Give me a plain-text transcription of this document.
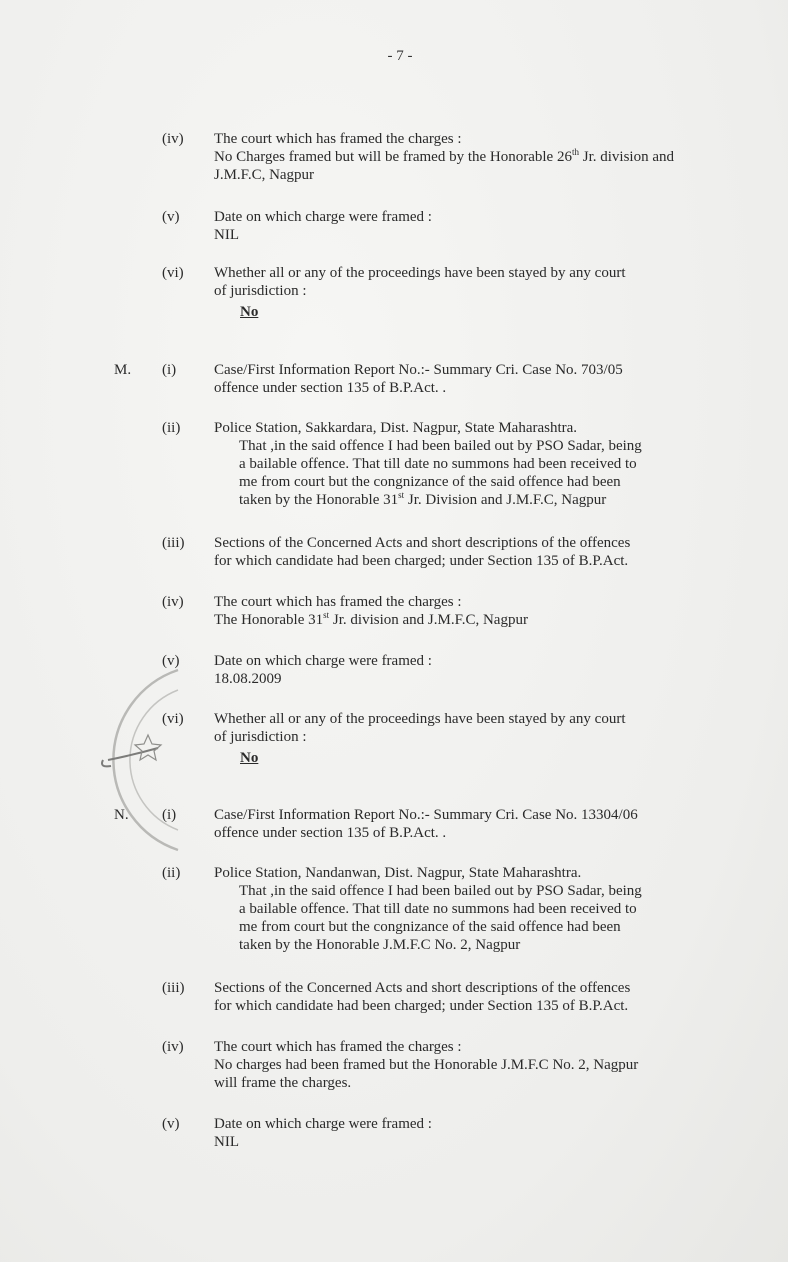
- 7 -
(iv) The court which has framed the charges :
No Charges framed but will be framed by the Honorable 26th Jr. division and J.M.F.C, Nagpur
(v) Date on which charge were framed :
NIL
(vi) Whether all or any of the proceedings have been stayed by any court
of jurisdiction :
No
M. (i)	Case/First Information Report No.:- Summary Cri. Case No. 703/05
offence under section 135 of B.P.Act. .
(ii) Police Station, Sakkardara, Dist. Nagpur, State Maharashtra.
That ,in the said offence I had been bailed out by PSO Sadar, being
a bailable offence. That till date no summons had been received to
me from court but the congnizance of the said offence had been
taken by the Honorable 31st Jr. Division and J.M.F.C, Nagpur
(iii) Sections of the Concerned Acts and short descriptions of the offences
for which candidate had been charged; under Section 135 of B.P.Act.
(iv) The court which has framed the charges :
The Honorable 31st Jr. division and J.M.F.C, Nagpur
(v) Date on which charge were framed :
18.08.2009
(vi) Whether all or any of the proceedings have been stayed by any court
of jurisdiction :
No
N. (i)	Case/First Information Report No.:- Summary Cri. Case No. 13304/06
offence under section 135 of B.P.Act. .
(ii) Police Station, Nandanwan, Dist. Nagpur, State Maharashtra.
That ,in the said offence I had been bailed out by PSO Sadar, being
a bailable offence. That till date no summons had been received to
me from court but the congnizance of the said offence had been
taken by the Honorable J.M.F.C No. 2, Nagpur
(iii) Sections of the Concerned Acts and short descriptions of the offences
for which candidate had been charged; under Section 135 of B.P.Act.
(iv) The court which has framed the charges :
No charges had been framed but the Honorable J.M.F.C No. 2, Nagpur
will frame the charges.
(v) Date on which charge were framed :
NIL
